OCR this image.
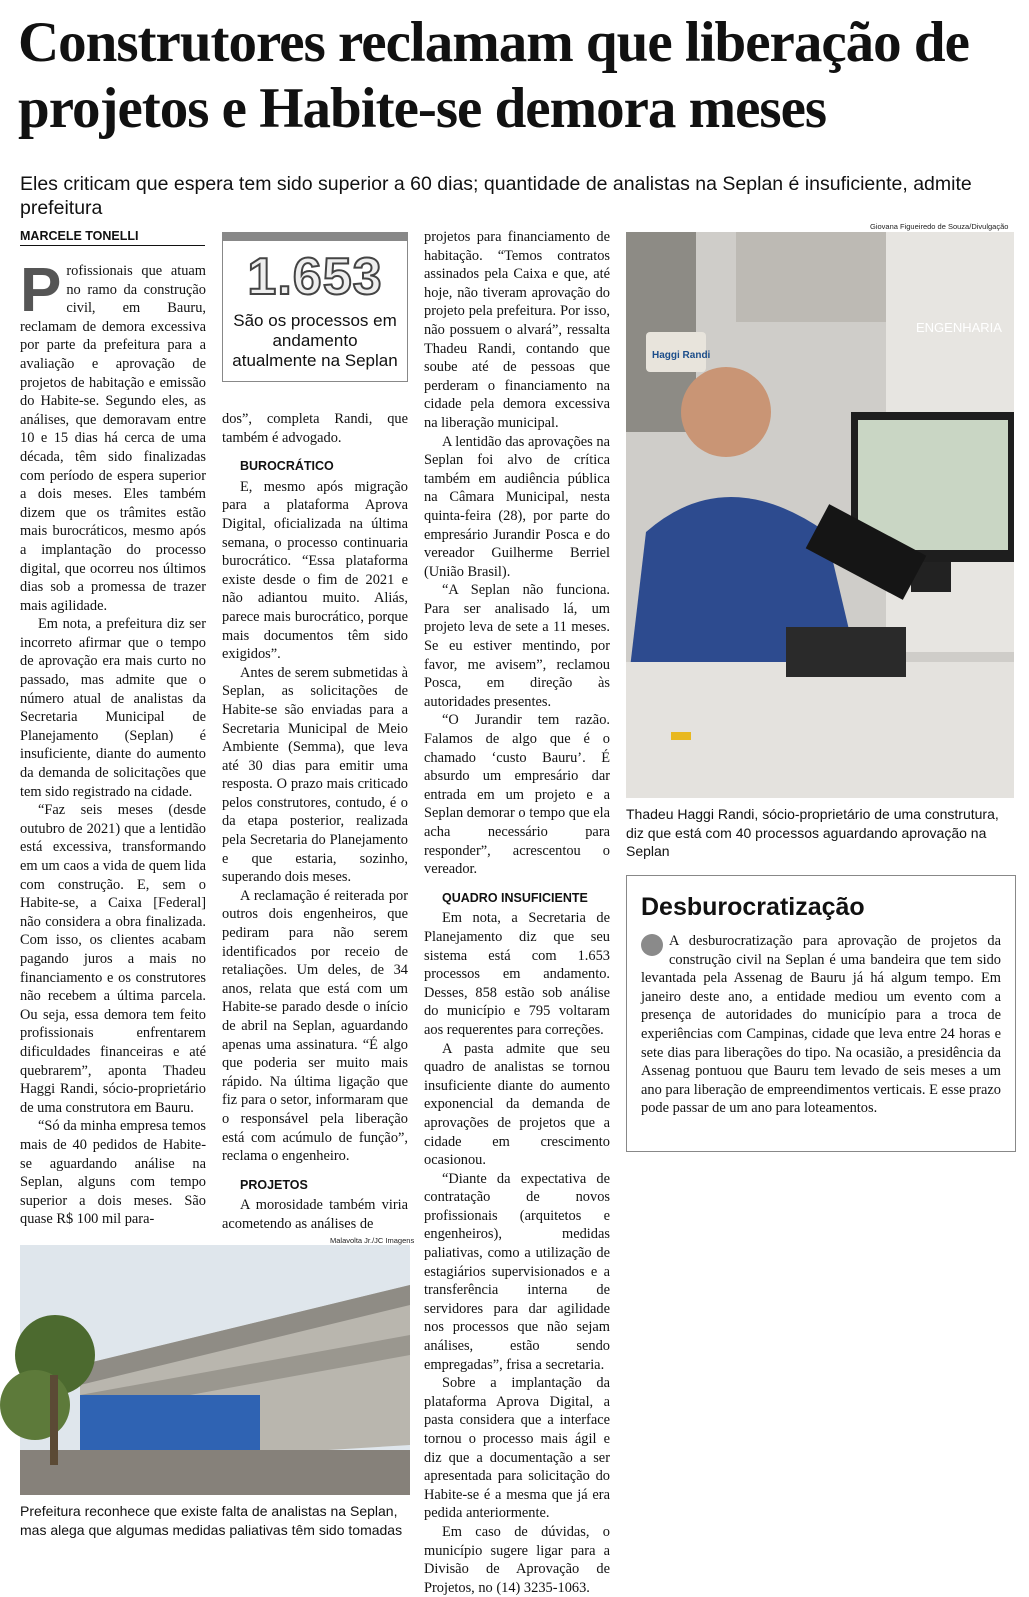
Construtores reclamam que liberação de projetos e Habite-se demora meses
Eles criticam que espera tem sido superior a 60 dias; quantidade de analistas na Seplan é insuficiente, admite prefeitura
MARCELE TONELLI

Profissionais que atuam no ramo da construção civil, em Bauru, reclamam de demora excessiva por parte da prefeitura para a avaliação e aprovação de projetos de habitação e emissão do Habite-se. Segundo eles, as análises, que demoravam entre 10 e 15 dias há cerca de uma década, têm sido finalizadas com período de espera superior a dois meses. Eles também dizem que os trâmites estão mais burocráticos, mesmo após a implantação do processo digital, que ocorreu nos últimos dias sob a promessa de trazer mais agilidade.

Em nota, a prefeitura diz ser incorreto afirmar que o tempo de aprovação era mais curto no passado, mas admite que o número atual de analistas da Secretaria Municipal de Planejamento (Seplan) é insuficiente, diante do aumento da demanda de solicitações que tem sido registrado na cidade.

“Faz seis meses (desde outubro de 2021) que a lentidão está excessiva, transformando em um caos a vida de quem lida com construção. E, sem o Habite-se, a Caixa [Federal] não considera a obra finalizada. Com isso, os clientes acabam pagando juros a mais no financiamento e os construtores não recebem a última parcela. Ou seja, essa demora tem feito profissionais enfrentarem dificuldades financeiras e até quebrarem”, aponta Thadeu Haggi Randi, sócio-proprietário de uma construtora em Bauru.

“Só da minha empresa temos mais de 40 pedidos de Habite-se aguardando análise na Seplan, alguns com tempo superior a dois meses. São quase R$ 100 mil para-

1.653
São os processos em andamento atualmente na Seplan

dos”, completa Randi, que também é advogado.

BUROCRÁTICO

E, mesmo após migração para a plataforma Aprova Digital, oficializada na última semana, o processo continuaria burocrático. “Essa plataforma existe desde o fim de 2021 e não adiantou muito. Aliás, parece mais burocrático, porque mais documentos têm sido exigidos”.

Antes de serem submetidas à Seplan, as solicitações de Habite-se são enviadas para a Secretaria Municipal de Meio Ambiente (Semma), que leva até 30 dias para emitir uma resposta. O prazo mais criticado pelos construtores, contudo, é o da etapa posterior, realizada pela Secretaria do Planejamento e que estaria, sozinho, superando dois meses.

A reclamação é reiterada por outros dois engenheiros, que pediram para não serem identificados por receio de retaliações. Um deles, de 34 anos, relata que está com um Habite-se parado desde o início de abril na Seplan, aguardando apenas uma assinatura. “É algo que poderia ser muito mais rápido. Na última ligação que fiz para o setor, informaram que o responsável pela liberação está com acúmulo de função”, reclama o engenheiro.

PROJETOS

A morosidade também viria acometendo as análises de

projetos para financiamento de habitação. “Temos contratos assinados pela Caixa e que, até hoje, não tiveram aprovação do projeto pela prefeitura. Por isso, não possuem o alvará”, ressalta Thadeu Randi, contando que soube até de pessoas que perderam o financiamento na cidade pela demora excessiva na liberação municipal.

A lentidão das aprovações na Seplan foi alvo de crítica também em audiência pública na Câmara Municipal, nesta quinta-feira (28), por parte do empresário Jurandir Posca e do vereador Guilherme Berriel (União Brasil).

“A Seplan não funciona. Para ser analisado lá, um projeto leva de sete a 11 meses. Se eu estiver mentindo, por favor, me avisem”, reclamou Posca, em direção às autoridades presentes.

“O Jurandir tem razão. Falamos de algo que é o chamado ‘custo Bauru’. É absurdo um empresário dar entrada em um projeto e a Seplan demorar o tempo que ela acha necessário para responder”, acrescentou o vereador.

QUADRO INSUFICIENTE

Em nota, a Secretaria de Planejamento diz que seu sistema está com 1.653 processos em andamento. Desses, 858 estão sob análise do município e 795 voltaram aos requerentes para correções.

A pasta admite que seu quadro de analistas se tornou insuficiente diante do aumento exponencial da demanda de aprovações de projetos que a cidade em crescimento ocasionou.

“Diante da expectativa de contratação de novos profissionais (arquitetos e engenheiros), medidas paliativas, como a utilização de estagiários supervisionados e a transferência interna de servidores para dar agilidade nos processos que não sejam análises, estão sendo empregadas”, frisa a secretaria.

Sobre a implantação da plataforma Aprova Digital, a pasta considera que a interface tornou o processo mais ágil e diz que a documentação a ser apresentada para solicitação do Habite-se é a mesma que já era pedida anteriormente.

Em caso de dúvidas, o município sugere ligar para a Divisão de Aprovação de Projetos, no (14) 3235-1063.

Giovana Figueiredo de Souza/Divulgação
Haggi Randi
ENGENHARIA
Thadeu Haggi Randi, sócio-proprietário de uma construtura, diz que está com 40 processos aguardando aprovação na Seplan
Desburocratização

A desburocratização para aprovação de projetos da construção civil na Seplan é uma bandeira que tem sido levantada pela Assenag de Bauru já há algum tempo. Em janeiro deste ano, a entidade mediou um evento com a presença de autoridades do município para a troca de experiências com Campinas, cidade que leva entre 24 horas e sete dias para liberações do tipo. Na ocasião, a presidência da Assenag pontuou que Bauru tem levado de seis meses a um ano para liberação de empreendimentos verticais. E esse prazo pode passar de um ano para loteamentos.

Malavolta Jr./JC Imagens
Prefeitura reconhece que existe falta de analistas na Seplan, mas alega que algumas medidas paliativas têm sido tomadas
